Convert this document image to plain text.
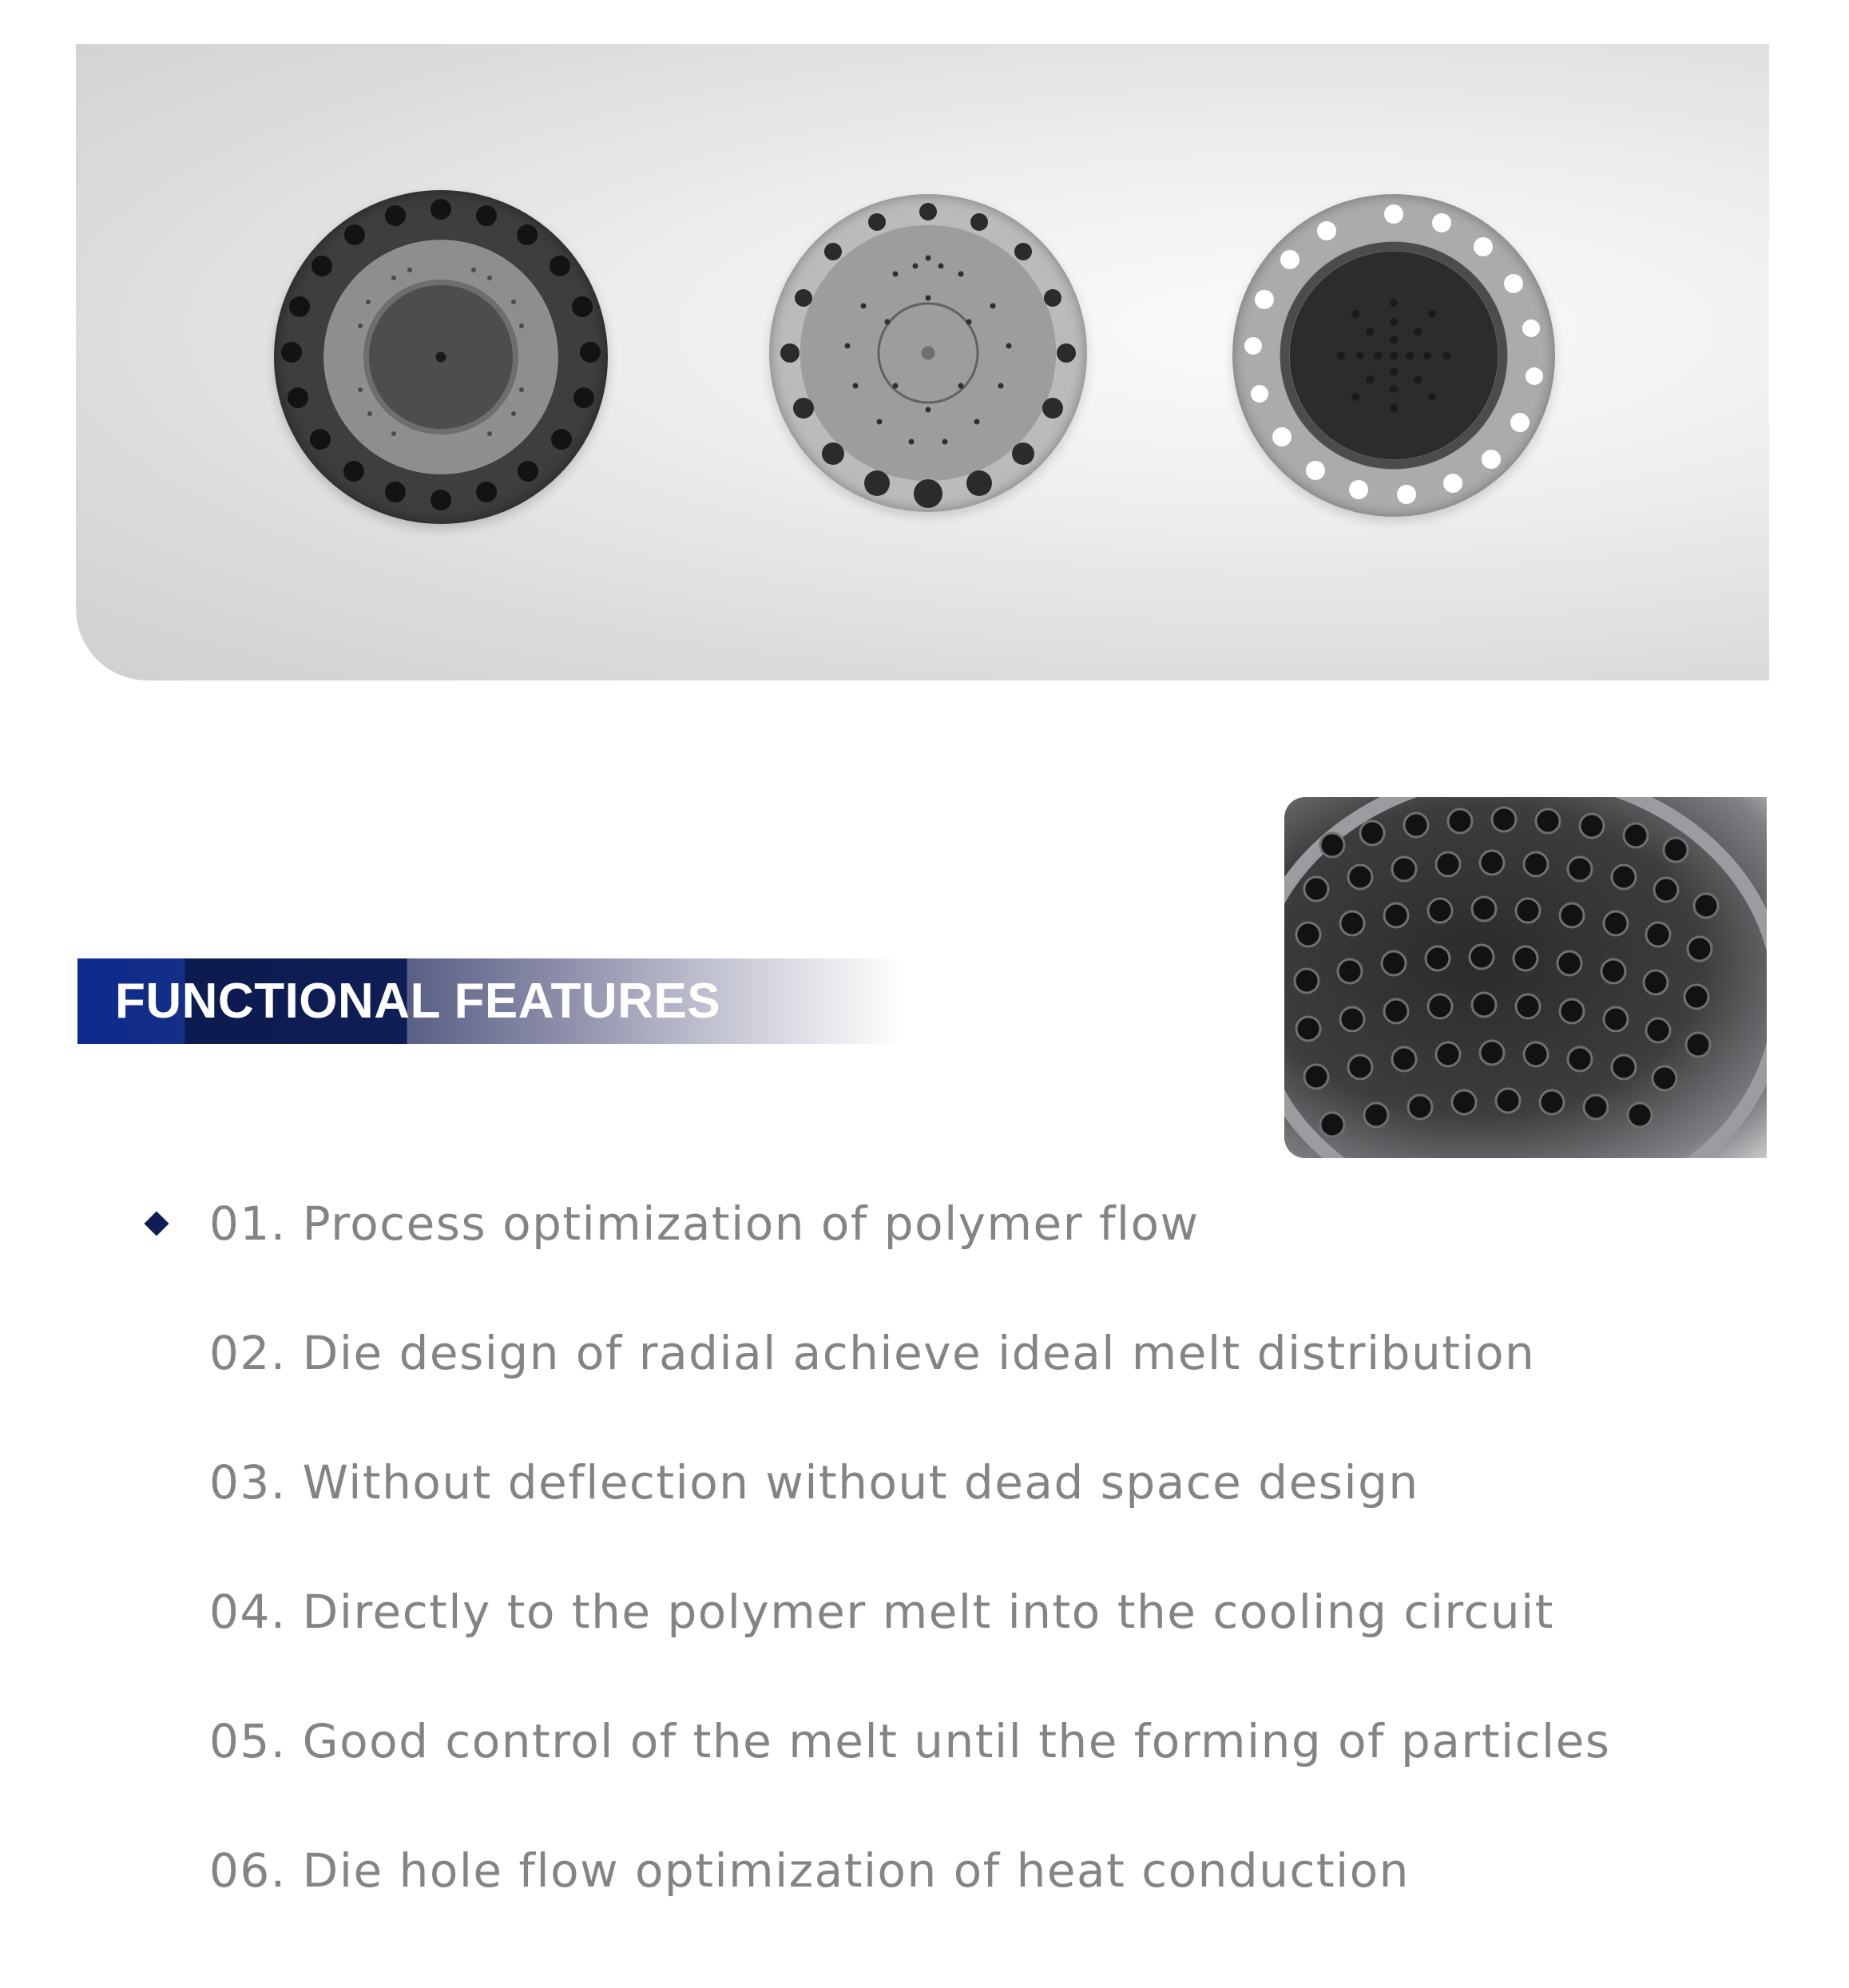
FUNCTIONAL FEATURES
01. Process optimization of polymer flow
02. Die design of radial achieve ideal melt distribution
03. Without deflection without dead space design
04. Directly to the polymer melt into the cooling circuit
05. Good control of the melt until the forming of particles
06. Die hole flow optimization of heat conduction
